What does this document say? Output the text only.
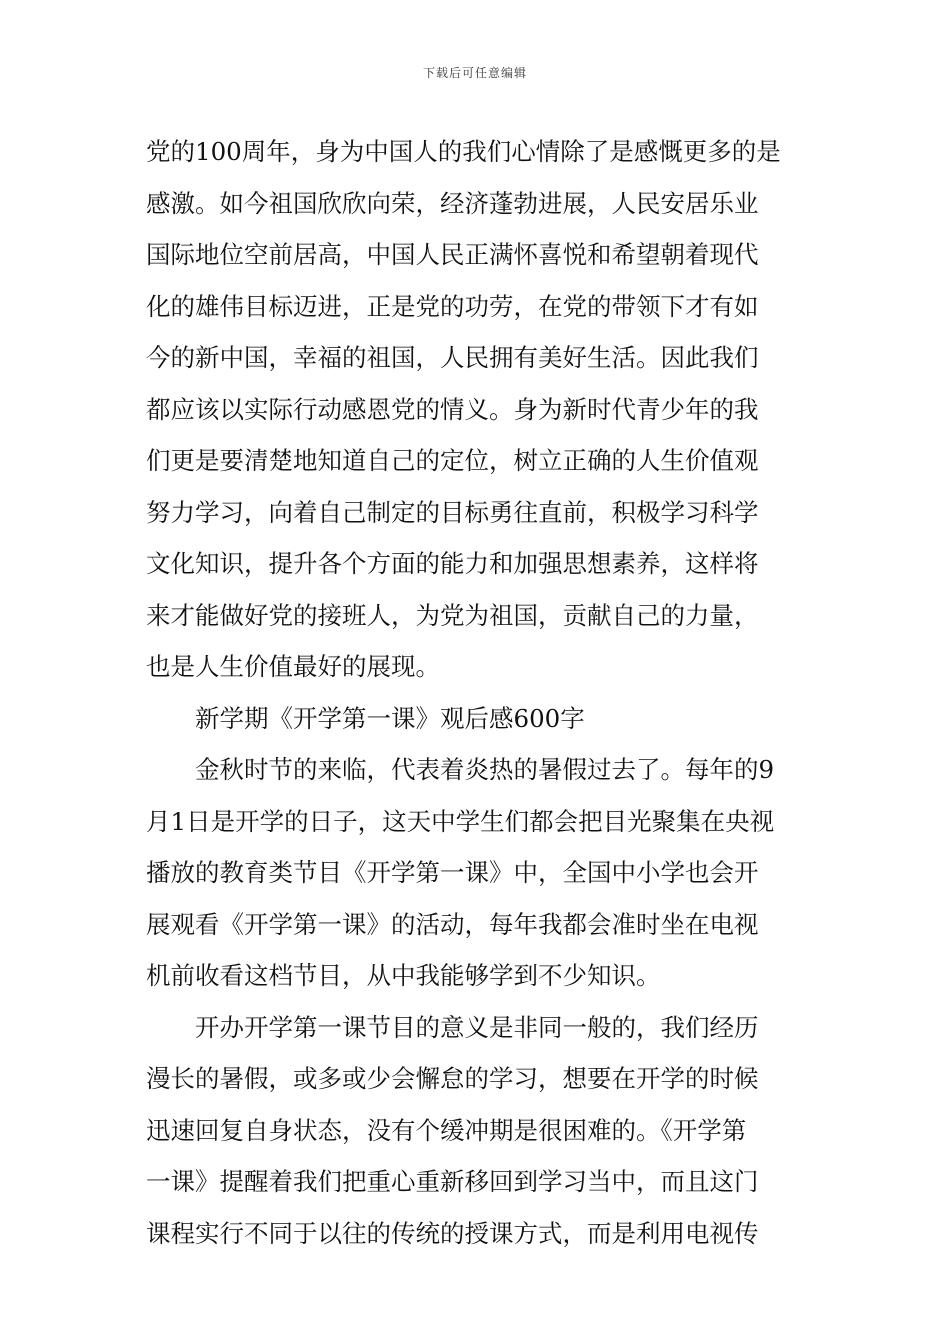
下载后可任意编辑
党的100周年，身为中国人的我们心情除了是感慨更多的是
感激。如今祖国欣欣向荣，经济蓬勃进展，人民安居乐业
国际地位空前居高，中国人民正满怀喜悦和希望朝着现代
化的雄伟目标迈进，正是党的功劳，在党的带领下才有如
今的新中国，幸福的祖国，人民拥有美好生活。因此我们
都应该以实际行动感恩党的情义。身为新时代青少年的我
们更是要清楚地知道自己的定位，树立正确的人生价值观
努力学习，向着自己制定的目标勇往直前，积极学习科学
文化知识，提升各个方面的能力和加强思想素养，这样将
来才能做好党的接班人，为党为祖国，贡献自己的力量，
也是人生价值最好的展现。
新学期《开学第一课》观后感600字
金秋时节的来临，代表着炎热的暑假过去了。每年的9
月1日是开学的日子，这天中学生们都会把目光聚集在央视
播放的教育类节目《开学第一课》中，全国中小学也会开
展观看《开学第一课》的活动，每年我都会准时坐在电视
机前收看这档节目，从中我能够学到不少知识。
开办开学第一课节目的意义是非同一般的，我们经历
漫长的暑假，或多或少会懈怠的学习，想要在开学的时候
迅速回复自身状态，没有个缓冲期是很困难的。《开学第
一课》提醒着我们把重心重新移回到学习当中，而且这门
课程实行不同于以往的传统的授课方式，而是利用电视传
